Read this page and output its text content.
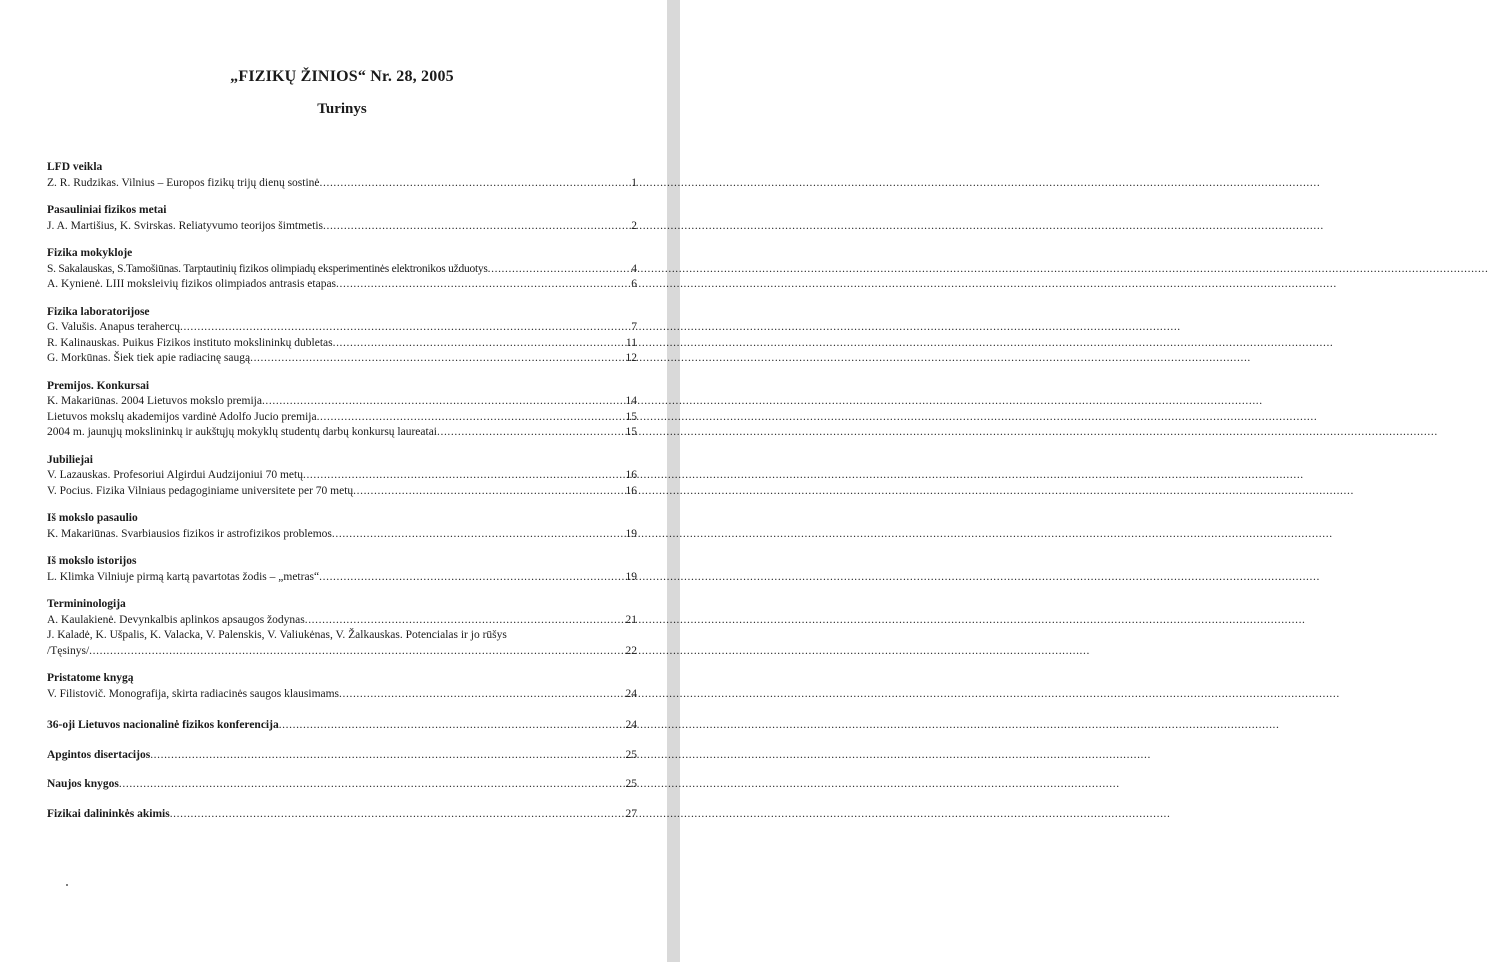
„FIZIKŲ ŽINIOS“ Nr. 28, 2005
Turinys
LFD veikla
Z. R. Rudzikas. Vilnius – Europos fizikų trijų dienų sostinė .....	1
Pasauliniai fizikos metai
J. A. Martišius, K. Svirskas. Reliatyvumo teorijos šimtmetis .....	2
Fizika mokykloje
S. Sakalauskas, S.Tamošiūnas. Tarptautinių fizikos olimpiadų eksperimentinės elektronikos užduotys .....	4
A. Kynienė. LIII moksleivių fizikos olimpiados antrasis etapas .....	6
Fizika laboratorijose
G. Valušis. Anapus terahercų .....	7
R. Kalinauskas. Puikus Fizikos instituto mokslininkų dubletas .....	11
G. Morkūnas. Šiek tiek apie radiacinę saugą .....	12
Premijos. Konkursai
K. Makariūnas. 2004 Lietuvos mokslo premija .....	14
Lietuvos mokslų akademijos vardinė Adolfo Jucio premija .....	15
2004 m. jaunųjų mokslininkų ir aukštųjų mokyklų studentų darbų konkursų laureatai .....	15
Jubiliejai
V. Lazauskas. Profesoriui Algirdui Audzijoniui 70 metų .....	16
V. Pocius. Fizika Vilniaus pedagoginiame universitete per 70 metų .....	16
Iš mokslo pasaulio
K. Makariūnas. Svarbiausios fizikos ir astrofizikos problemos .....	19
Iš mokslo istorijos
L. Klimka Vilniuje pirmą kartą pavartotas žodis – „metras“ .....	19
Termininologija
A. Kaulakienė. Devynkalbis aplinkos apsaugos žodynas .....	21
J. Kaladė, K. Ušpalis, K. Valacka, V. Palenskis, V. Valiukėnas, V. Žalkauskas. Potencialas ir jo rūšys
/Tęsinys/ .....	22
Pristatome knygą
V. Filistovič. Monografija, skirta radiacinės saugos klausimams .....	24
36-oji Lietuvos nacionalinė fizikos konferencija .....	24
Apgintos disertacijos .....	25
Naujos knygos .....	25
Fizikai dalininkės akimis .....	27
